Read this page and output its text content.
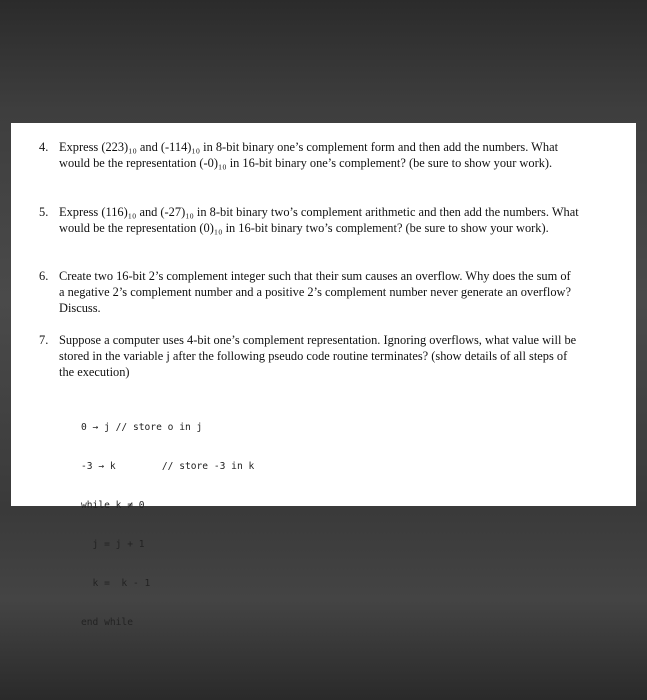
4. Express (223)₁₀ and (-114)₁₀ in 8-bit binary one’s complement form and then add the numbers. What would be the representation (-0)₁₀ in 16-bit binary one’s complement? (be sure to show your work).
5. Express (116)₁₀ and (-27)₁₀ in 8-bit binary two’s complement arithmetic and then add the numbers. What would be the representation (0)₁₀ in 16-bit binary two’s complement? (be sure to show your work).
6. Create two 16-bit 2’s complement integer such that their sum causes an overflow. Why does the sum of a negative 2’s complement number and a positive 2’s complement number never generate an overflow? Discuss.
7. Suppose a computer uses 4-bit one’s complement representation. Ignoring overflows, what value will be stored in the variable j after the following pseudo code routine terminates? (show details of all steps of the execution)

0 → j // store o in j

-3 → k        // store -3 in k

while k ≠ 0

j = j + 1

k =  k - 1

end while
